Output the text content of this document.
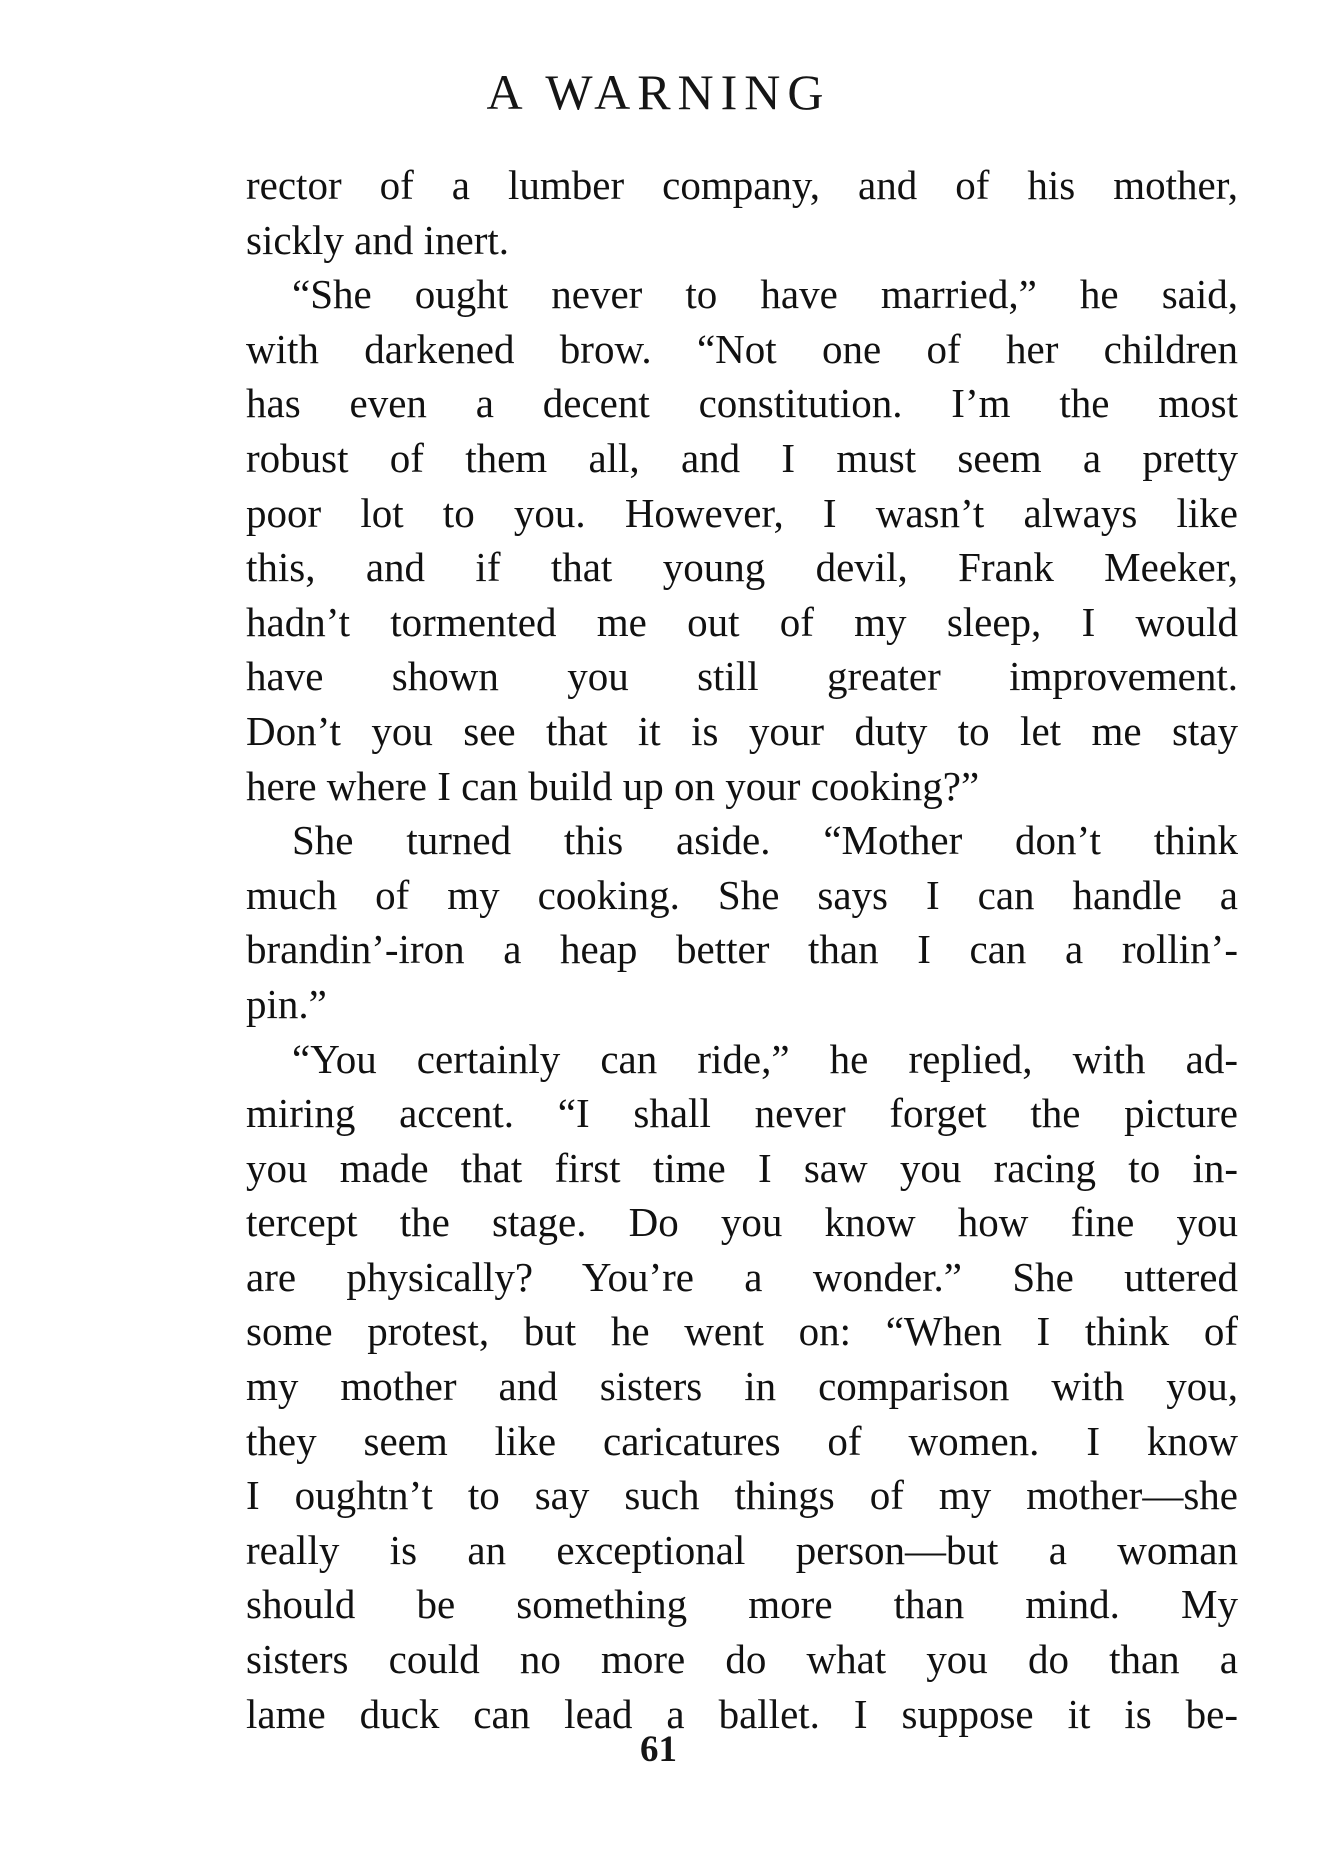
A WARNING
rector of a lumber company, and of his mother,
sickly and inert.
“She ought never to have married,” he said,
with darkened brow. “Not one of her children
has even a decent constitution. I’m the most
robust of them all, and I must seem a pretty
poor lot to you. However, I wasn’t always like
this, and if that young devil, Frank Meeker,
hadn’t tormented me out of my sleep, I would
have shown you still greater improvement.
Don’t you see that it is your duty to let me stay
here where I can build up on your cooking?”
She turned this aside. “Mother don’t think
much of my cooking. She says I can handle a
brandin’-iron a heap better than I can a rollin’-
pin.”
“You certainly can ride,” he replied, with ad-
miring accent. “I shall never forget the picture
you made that first time I saw you racing to in-
tercept the stage. Do you know how fine you
are physically? You’re a wonder.” She uttered
some protest, but he went on: “When I think of
my mother and sisters in comparison with you,
they seem like caricatures of women. I know
I oughtn’t to say such things of my mother—she
really is an exceptional person—but a woman
should be something more than mind. My
sisters could no more do what you do than a
lame duck can lead a ballet. I suppose it is be-
61
